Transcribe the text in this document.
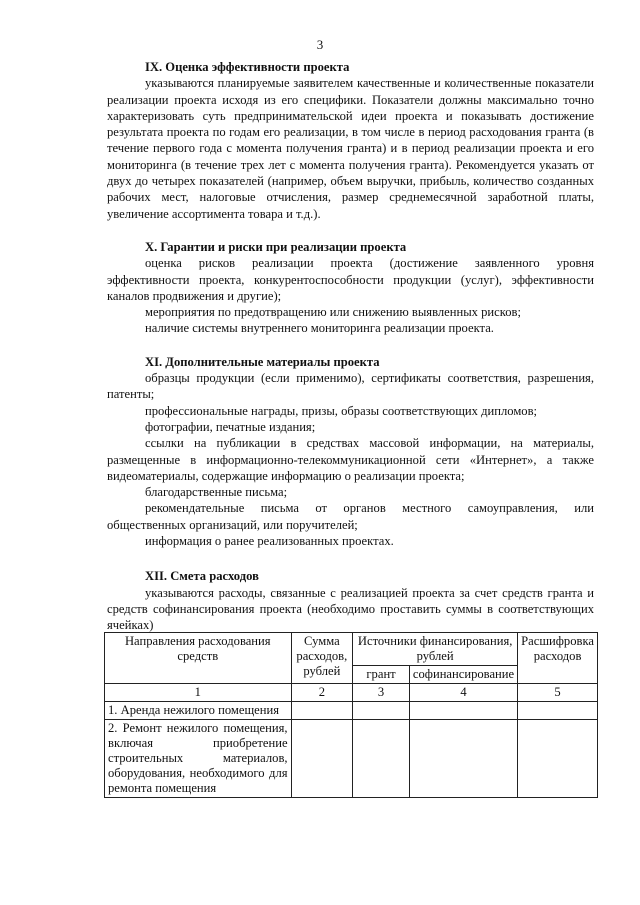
3

IX. Оценка эффективности проекта

указываются планируемые заявителем качественные и количественные показатели реализации проекта исходя из его специфики. Показатели должны максимально точно характеризовать суть предпринимательской идеи проекта и показывать достижение результата проекта по годам его реализации, в том числе в период расходования гранта (в течение первого года с момента получения гранта) и в период реализации проекта и его мониторинга (в течение трех лет с момента получения гранта). Рекомендуется указать от двух до четырех показателей (например, объем выручки, прибыль, количество созданных рабочих мест, налоговые отчисления, размер среднемесячной заработной платы, увеличение ассортимента товара и т.д.).

X. Гарантии и риски при реализации проекта

оценка рисков реализации проекта (достижение заявленного уровня эффективности проекта, конкурентоспособности продукции (услуг), эффективности каналов продвижения и другие);

мероприятия по предотвращению или снижению выявленных рисков;

наличие системы внутреннего мониторинга реализации проекта.

XI. Дополнительные материалы проекта

образцы продукции (если применимо), сертификаты соответствия, разрешения, патенты;

профессиональные награды, призы, образы соответствующих дипломов;

фотографии, печатные издания;

ссылки на публикации в средствах массовой информации, на материалы, размещенные в информационно-телекоммуникационной сети «Интернет», а также видеоматериалы, содержащие информацию о реализации проекта;

благодарственные письма;

рекомендательные письма от органов местного самоуправления, или общественных организаций, или поручителей;

информация о ранее реализованных проектах.

XII. Смета расходов

указываются расходы, связанные с реализацией проекта за счет средств гранта и средств софинансирования проекта (необходимо проставить суммы в соответствующих ячейках)

Направления расходования средств	Сумма расходов, рублей	Источники финансирования, рублей		Расшифровка расходов
		грант	софинансирование	
1	2	3	4	5
1. Аренда нежилого помещения				
2. Ремонт нежилого помещения, включая приобретение строительных материалов, оборудования, необходимого для ремонта помещения				
